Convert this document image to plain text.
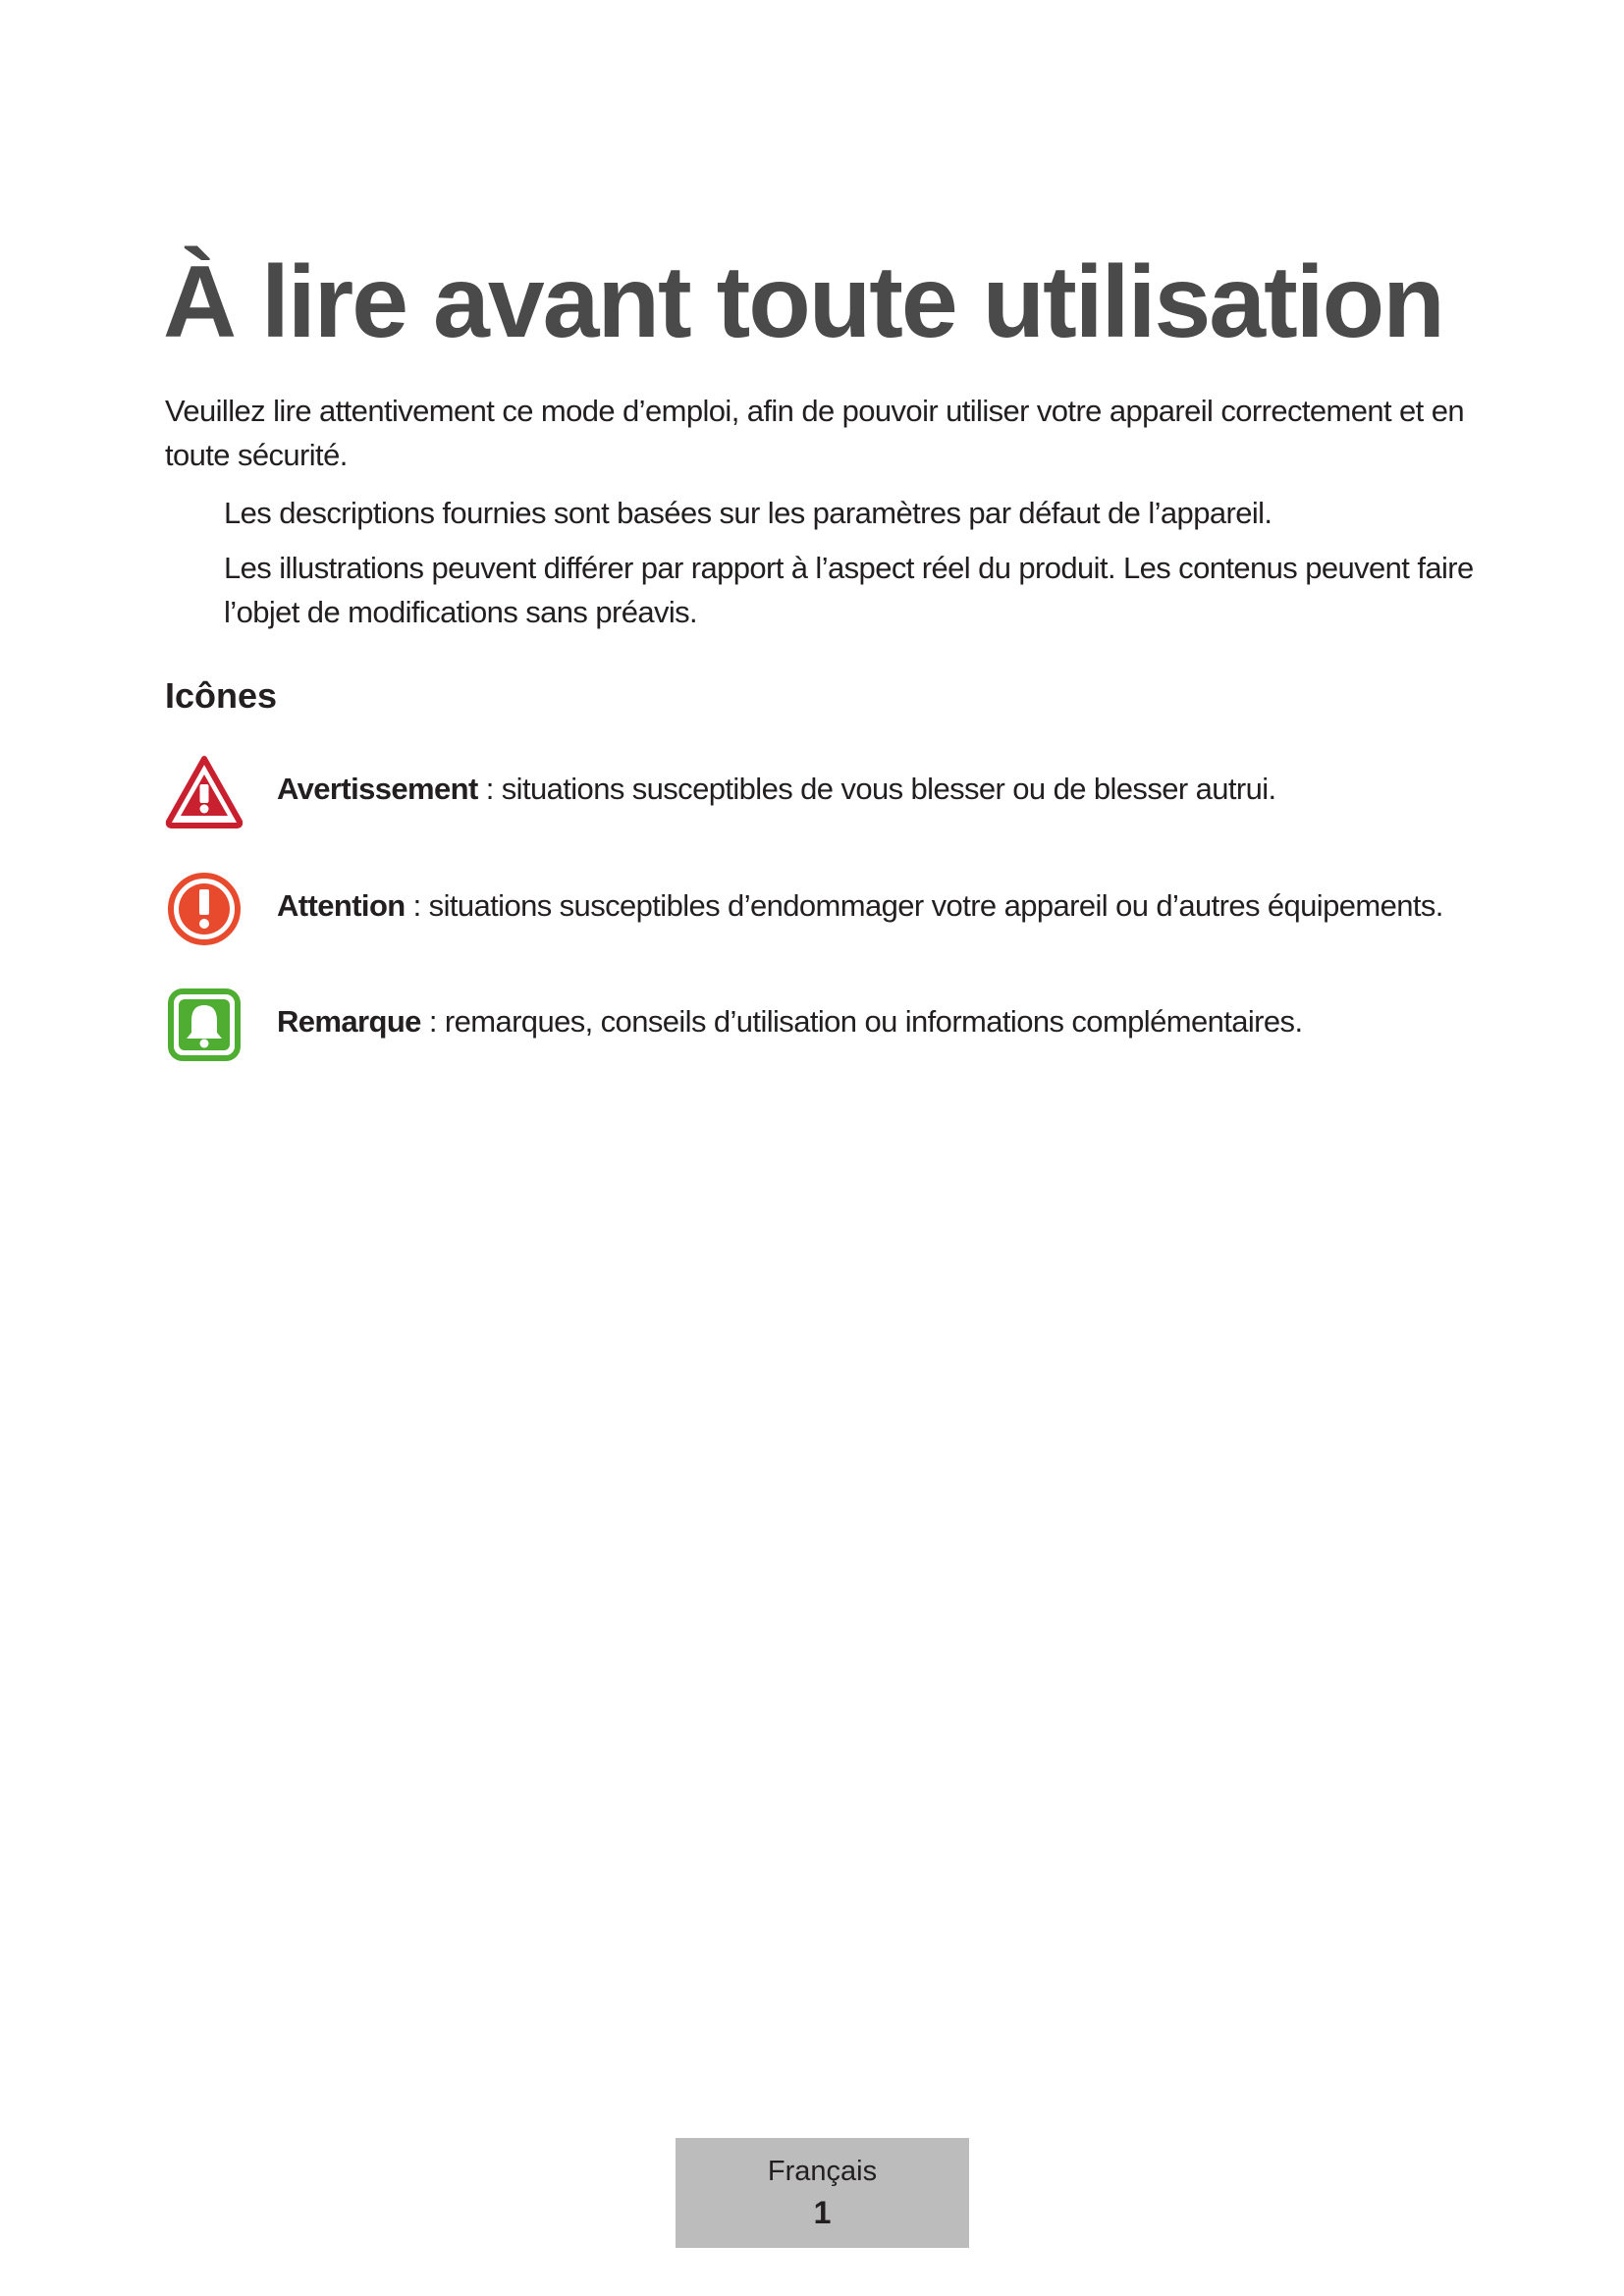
À lire avant toute utilisation

Veuillez lire attentivement ce mode d’emploi, afin de pouvoir utiliser votre appareil correctement et en toute sécurité.

Les descriptions fournies sont basées sur les paramètres par défaut de l’appareil.
Les illustrations peuvent différer par rapport à l’aspect réel du produit. Les contenus peuvent faire l’objet de modifications sans préavis.
Icônes
Avertissement : situations susceptibles de vous blesser ou de blesser autrui.
Attention : situations susceptibles d’endommager votre appareil ou d’autres équipements.
Remarque : remarques, conseils d’utilisation ou informations complémentaires.
Français
1
